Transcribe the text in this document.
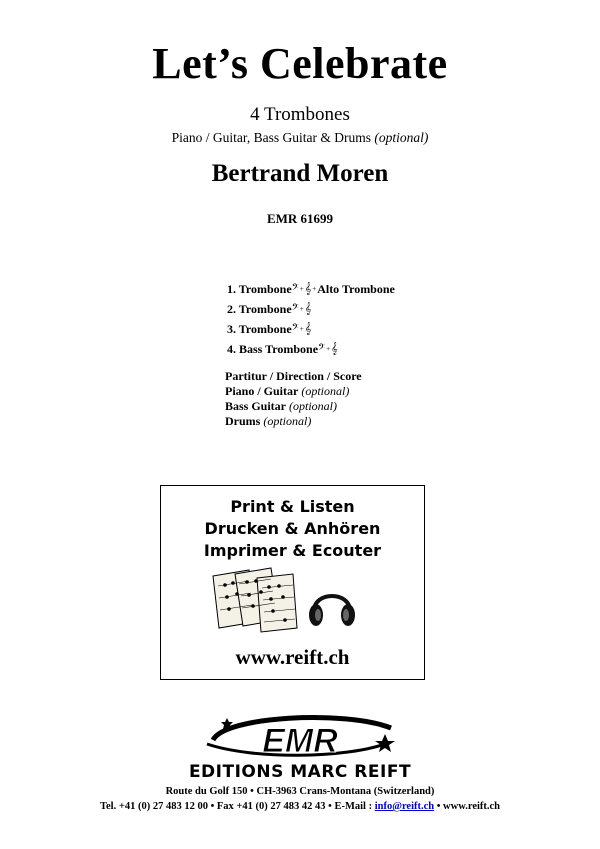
Let’s Celebrate
4 Trombones
Piano / Guitar, Bass Guitar & Drums (optional)
Bertrand Moren
EMR 61699
1. Trombone 𝄢 + 𝄞 + Alto Trombone
2. Trombone 𝄢 + 𝄞
3. Trombone 𝄢 + 𝄞
4. Bass Trombone 𝄢 + 𝄞
Partitur / Direction / Score
Piano / Guitar (optional)
Bass Guitar (optional)
Drums (optional)
Print & Listen
Drucken & Anhören
Imprimer & Ecouter
www.reift.ch
EMR
EDITIONS MARC REIFT
Route du Golf 150 • CH-3963 Crans-Montana (Switzerland)
Tel. +41 (0) 27 483 12 00 • Fax +41 (0) 27 483 42 43 • E-Mail : info@reift.ch • www.reift.ch
